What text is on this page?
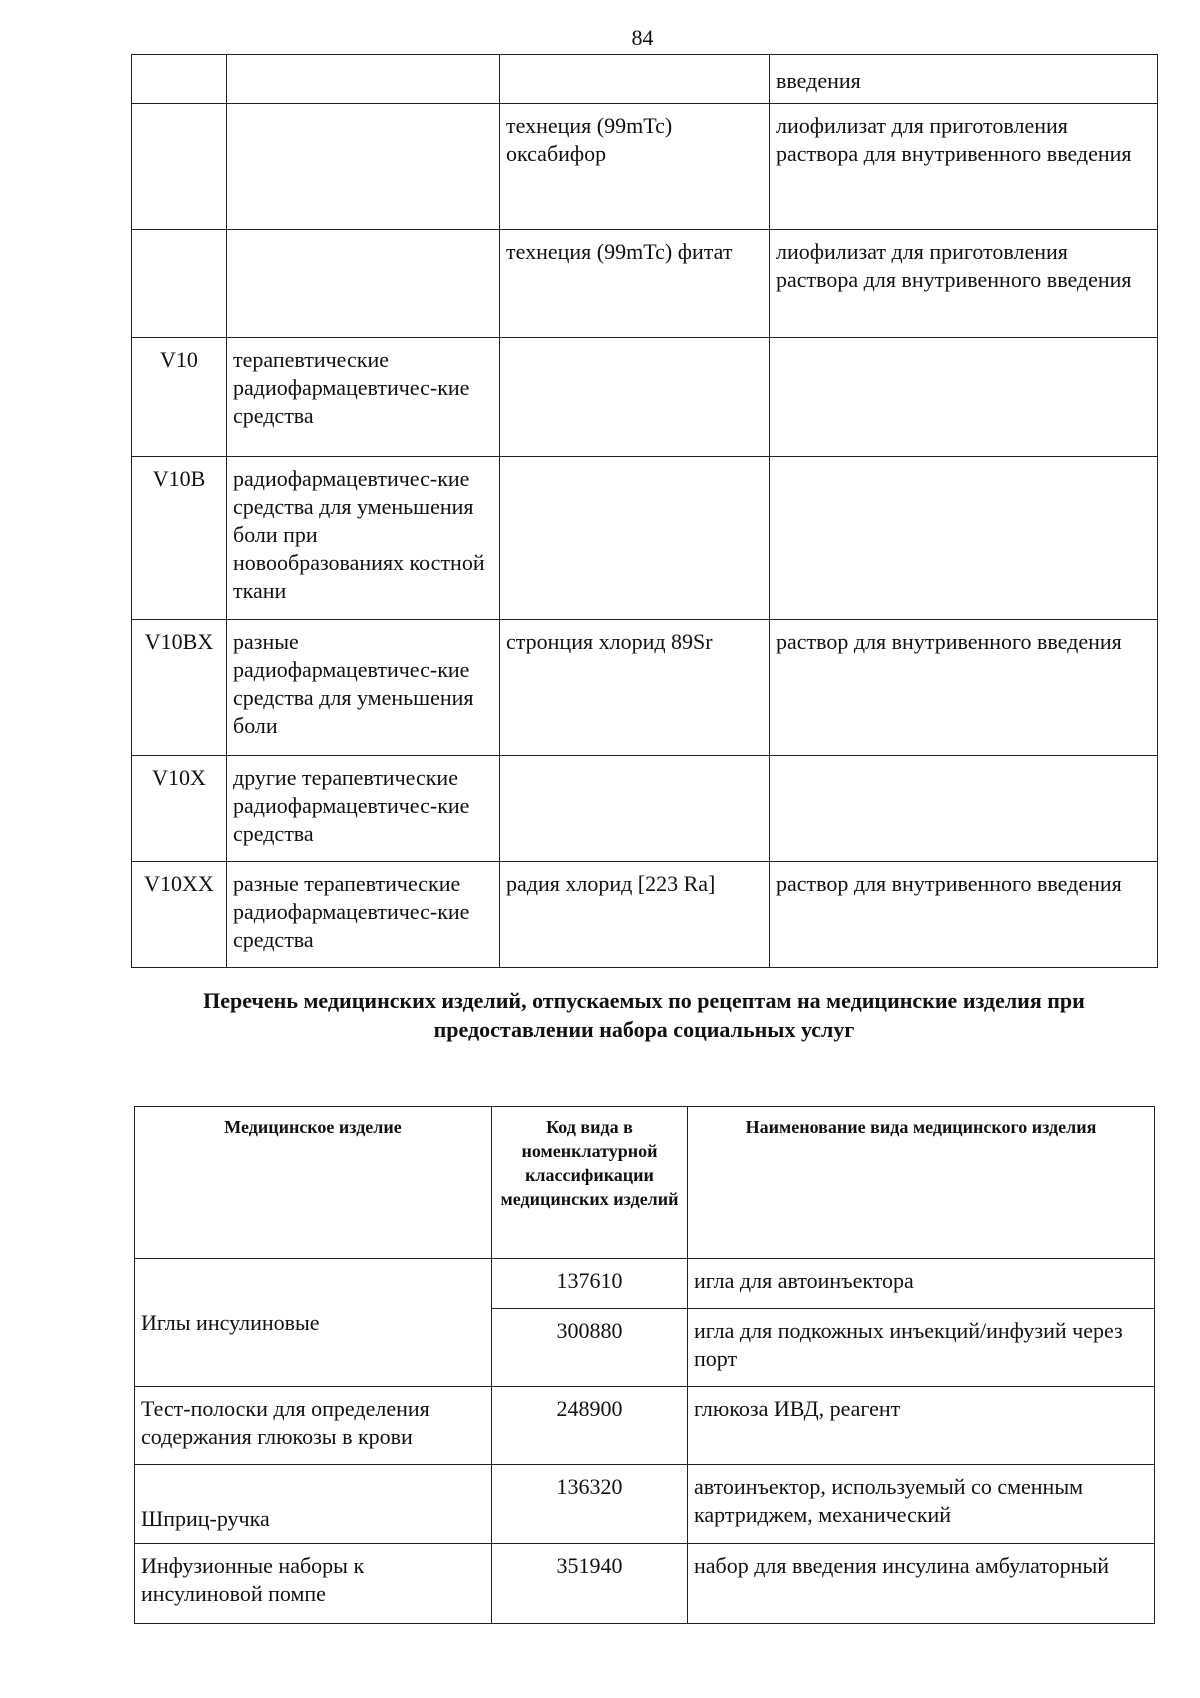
84
			введения
		технеция (99mTc) оксабифор	лиофилизат для приготовления раствора для внутривенного введения
		технеция (99mTc) фитат	лиофилизат для приготовления раствора для внутривенного введения
V10	терапевтические радиофармацевтичес-кие средства		
V10B	радиофармацевтичес-кие средства для уменьшения боли при новообразованиях костной ткани		
V10BX	разные радиофармацевтичес-кие средства для уменьшения боли	стронция хлорид 89Sr	раствор для внутривенного введения
V10X	другие терапевтические радиофармацевтичес-кие средства		
V10XX	разные терапевтические радиофармацевтичес-кие средства	радия хлорид [223 Ra]	раствор для внутривенного введения
Перечень медицинских изделий, отпускаемых по рецептам на медицинские изделия при предоставлении набора социальных услуг
Медицинское изделие	Код вида в номенклатурной классификации медицинских изделий	Наименование вида медицинского изделия
Иглы инсулиновые	137610	игла для автоинъектора
	300880	игла для подкожных инъекций/инфузий через порт
Тест-полоски для определения содержания глюкозы в крови	248900	глюкоза ИВД, реагент
Шприц-ручка	136320	автоинъектор, используемый со сменным картриджем, механический
Инфузионные наборы к инсулиновой помпе	351940	набор для введения инсулина амбулаторный
